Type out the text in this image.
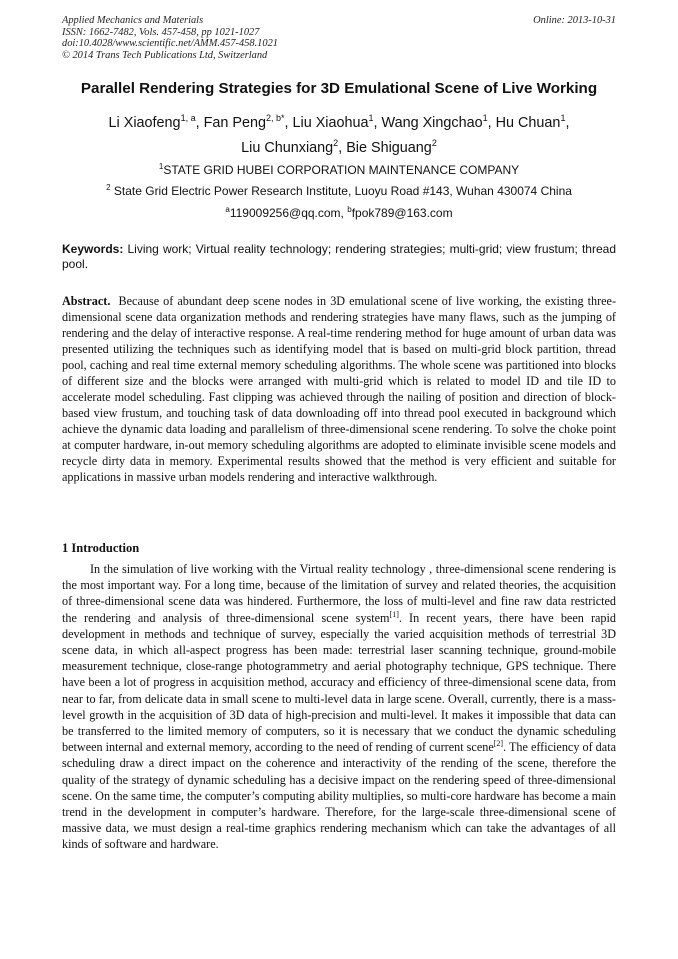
Applied Mechanics and Materials
ISSN: 1662-7482, Vols. 457-458, pp 1021-1027
doi:10.4028/www.scientific.net/AMM.457-458.1021
© 2014 Trans Tech Publications Ltd, Switzerland
Online: 2013-10-31
Parallel Rendering Strategies for 3D Emulational Scene of Live Working
Li Xiaofeng$^{1, a}$, Fan Peng$^{2, b*}$, Liu Xiaohua$^1$, Wang Xingchao$^1$, Hu Chuan$^1$,
Liu Chunxiang$^2$, Bie Shiguang$^2$
$^1$STATE GRID HUBEI CORPORATION MAINTENANCE COMPANY
$^2$ State Grid Electric Power Research Institute, Luoyu Road #143, Wuhan 430074 China
$^a$119009256@qq.com, $^b$fpok789@163.com
Keywords: Living work; Virtual reality technology; rendering strategies; multi-grid; view frustum; thread pool.
Abstract. Because of abundant deep scene nodes in 3D emulational scene of live working, the existing three-dimensional scene data organization methods and rendering strategies have many flaws, such as the jumping of rendering and the delay of interactive response. A real-time rendering method for huge amount of urban data was presented utilizing the techniques such as identifying model that is based on multi-grid block partition, thread pool, caching and real time external memory scheduling algorithms. The whole scene was partitioned into blocks of different size and the blocks were arranged with multi-grid which is related to model ID and tile ID to accelerate model scheduling. Fast clipping was achieved through the nailing of position and direction of block-based view frustum, and touching task of data downloading off into thread pool executed in background which achieve the dynamic data loading and parallelism of three-dimensional scene rendering. To solve the choke point at computer hardware, in-out memory scheduling algorithms are adopted to eliminate invisible scene models and recycle dirty data in memory. Experimental results showed that the method is very efficient and suitable for applications in massive urban models rendering and interactive walkthrough.
1 Introduction
In the simulation of live working with the Virtual reality technology , three-dimensional scene rendering is the most important way. For a long time, because of the limitation of survey and related theories, the acquisition of three-dimensional scene data was hindered. Furthermore, the loss of multi-level and fine raw data restricted the rendering and analysis of three-dimensional scene system[1]. In recent years, there have been rapid development in methods and technique of survey, especially the varied acquisition methods of terrestrial 3D scene data, in which all-aspect progress has been made: terrestrial laser scanning technique, ground-mobile measurement technique, close-range photogrammetry and aerial photography technique, GPS technique. There have been a lot of progress in acquisition method, accuracy and efficiency of three-dimensional scene data, from near to far, from delicate data in small scene to multi-level data in large scene. Overall, currently, there is a mass-level growth in the acquisition of 3D data of high-precision and multi-level. It makes it impossible that data can be transferred to the limited memory of computers, so it is necessary that we conduct the dynamic scheduling between internal and external memory, according to the need of rending of current scene[2]. The efficiency of data scheduling draw a direct impact on the coherence and interactivity of the rending of the scene, therefore the quality of the strategy of dynamic scheduling has a decisive impact on the rendering speed of three-dimensional scene. On the same time, the computer’s computing ability multiplies, so multi-core hardware has become a main trend in the development in computer’s hardware. Therefore, for the large-scale three-dimensional scene of massive data, we must design a real-time graphics rendering mechanism which can take the advantages of all kinds of software and hardware.
